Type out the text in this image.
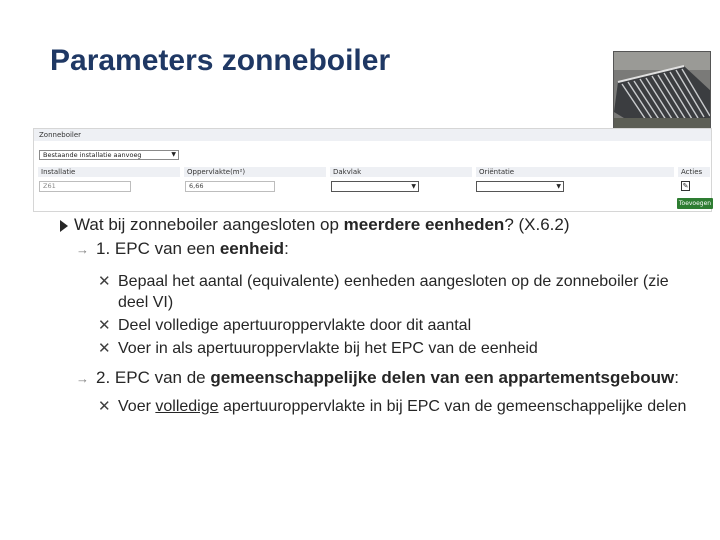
Parameters zonneboiler
Zonneboiler
Bestaande installatie aanvoeg	▼
Installatie	Oppervlakte(m²)	Dakvlak	Oriëntatie	Acties
Z61	6,66	▼	▼	✎
Toevoegen
Wat bij zonneboiler aangesloten op meerdere eenheden? (X.6.2)
→ 1. EPC van een eenheid:
✕ Bepaal het aantal (equivalente) eenheden aangesloten op de zonneboiler (zie deel VI)
✕ Deel volledige apertuuroppervlakte door dit aantal
✕ Voer in als apertuuroppervlakte bij het EPC van de eenheid
→ 2. EPC van de gemeenschappelijke delen van een appartementsgebouw:
✕ Voer volledige apertuuroppervlakte in bij EPC van de gemeenschappelijke delen
